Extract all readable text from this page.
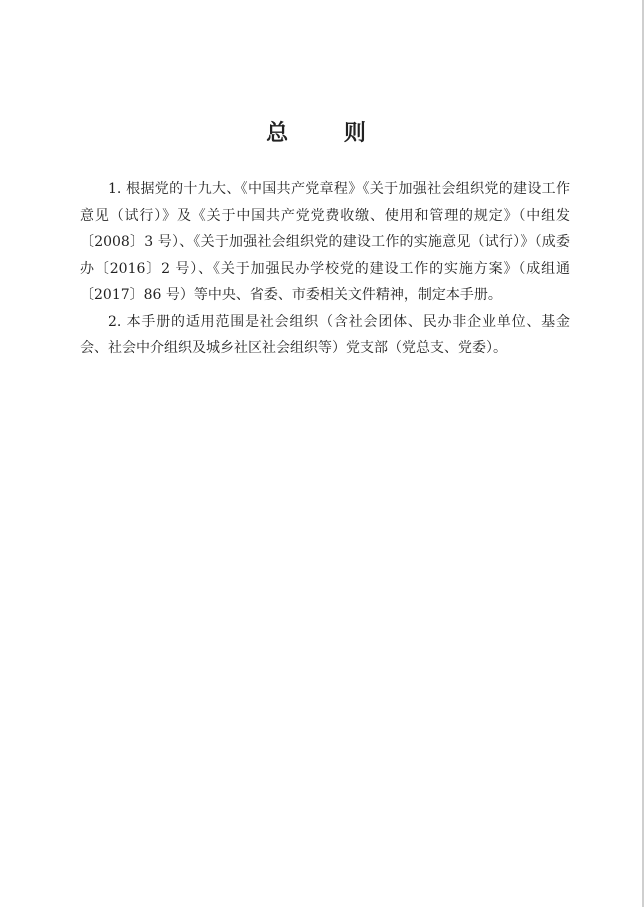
总 则

1. 根据党的十九大、《中国共产党章程》《关于加强社会组织党的建设工作意见（试行）》及《关于中国共产党党费收缴、使用和管理的规定》（中组发〔2008〕3 号）、《关于加强社会组织党的建设工作的实施意见（试行）》（成委办〔2016〕2 号）、《关于加强民办学校党的建设工作的实施方案》（成组通〔2017〕86 号）等中央、省委、市委相关文件精神，制定本手册。

2. 本手册的适用范围是社会组织（含社会团体、民办非企业单位、基金会、社会中介组织及城乡社区社会组织等）党支部（党总支、党委）。
